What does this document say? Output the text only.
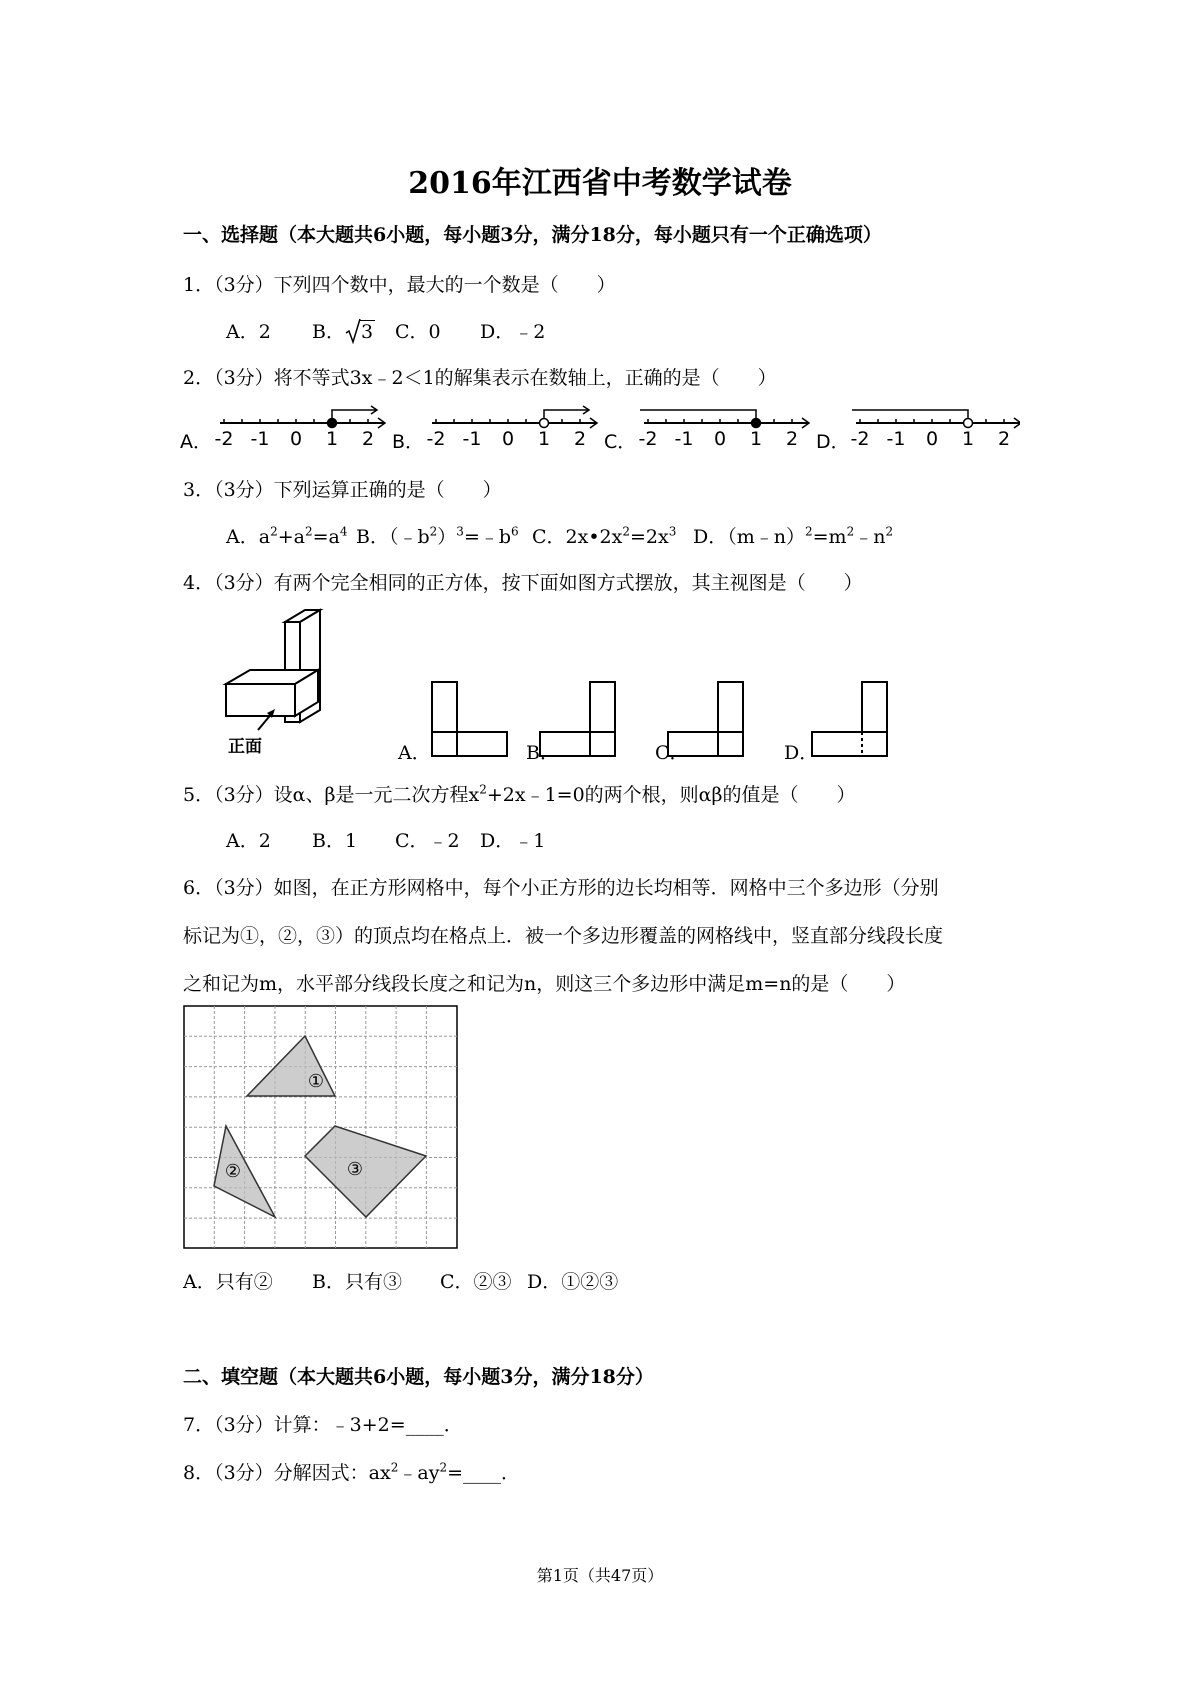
2016年江西省中考数学试卷
一、选择题（本大题共6小题，每小题3分，满分18分，每小题只有一个正确选项）
1．（3分）下列四个数中，最大的一个数是（　　）
A．2 B． 3 C．0 D．﹣2
2．（3分）将不等式3x﹣2＜1的解集表示在数轴上，正确的是（　　）
A． -2 -1 0 1 2 B． -2 -1 0 1 2 C． -2 -1 0 1 2 D． -2 -1 0 1 2
3．（3分）下列运算正确的是（　　）
A．$a^2+a^2=a^4$ B．$(﹣b^2)^3=﹣b^6$ C．$2x•2x^2=2x^3$ D．$(m﹣n)^2=m^2﹣n^2$
4．（3分）有两个完全相同的正方体，按下面如图方式摆放，其主视图是（　　）
正面	A．	B．	C．	D．
5．（3分）设α、β是一元二次方程$x^2+2x﹣1=0$的两个根，则αβ的值是（　　）
A．2 B．1 C．﹣2 D．﹣1
6．（3分）如图，在正方形网格中，每个小正方形的边长均相等．网格中三个多边形（分别
标记为①，②，③）的顶点均在格点上．被一个多边形覆盖的网格线中，竖直部分线段长度
之和记为m，水平部分线段长度之和记为n，则这三个多边形中满足m=n的是（　　）
①
②	③
A．只有② B．只有③ C．②③ D．①②③
二、填空题（本大题共6小题，每小题3分，满分18分）
7．（3分）计算：﹣3+2=____．
8．（3分）分解因式：$ax^2﹣ay^2=\_\_\_\_$．
第1页（共47页）
